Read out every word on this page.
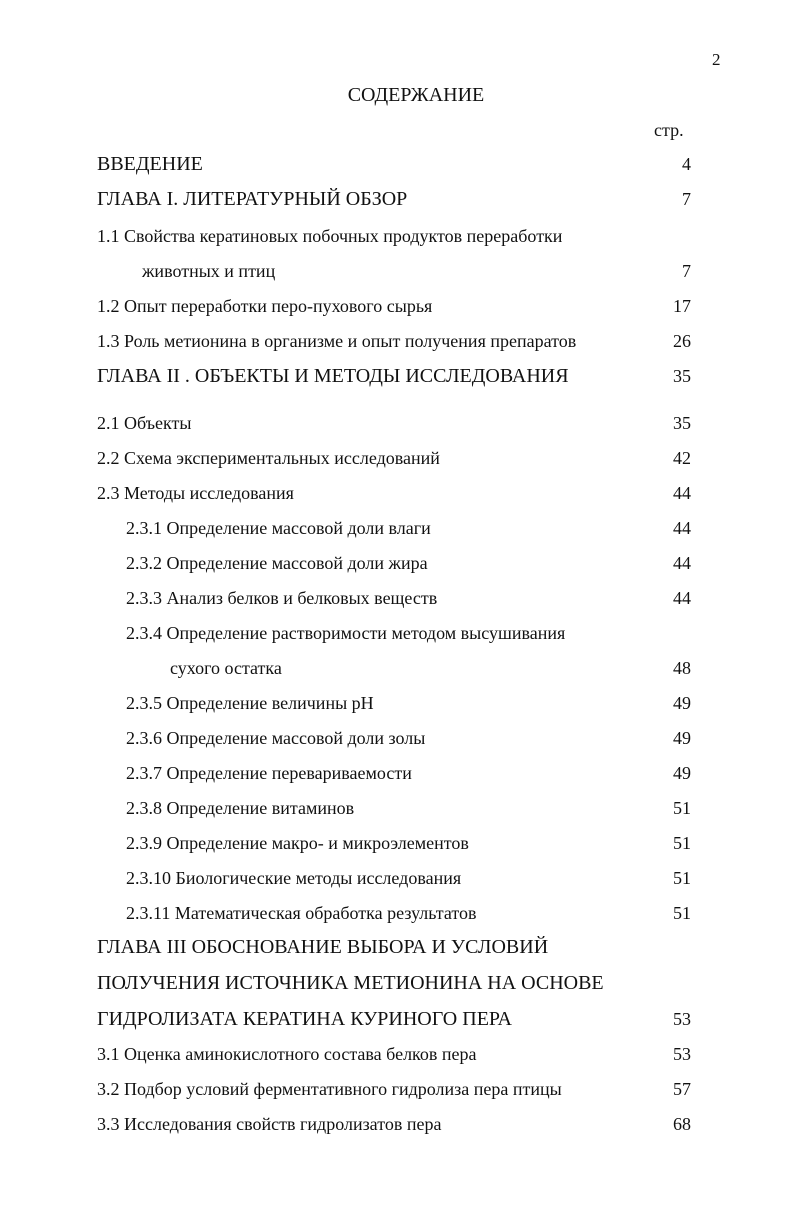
2
СОДЕРЖАНИЕ
стр.
ВВЕДЕНИЕ	4
ГЛАВА I. ЛИТЕРАТУРНЫЙ ОБЗОР	7
1.1 Свойства кератиновых побочных продуктов переработки
животных и птиц	7
1.2 Опыт переработки перо-пухового сырья	17
1.3 Роль метионина в организме и опыт получения препаратов	26
ГЛАВА II . ОБЪЕКТЫ И МЕТОДЫ ИССЛЕДОВАНИЯ	35
2.1 Объекты	35
2.2 Схема экспериментальных исследований	42
2.3 Методы исследования	44
2.3.1 Определение массовой доли влаги	44
2.3.2 Определение массовой доли жира	44
2.3.3 Анализ белков и белковых веществ	44
2.3.4 Определение растворимости методом высушивания
сухого остатка	48
2.3.5 Определение величины рН	49
2.3.6 Определение массовой доли золы	49
2.3.7 Определение перевариваемости	49
2.3.8 Определение витаминов	51
2.3.9 Определение макро- и микроэлементов	51
2.3.10 Биологические методы исследования	51
2.3.11 Математическая обработка результатов	51
ГЛАВА III ОБОСНОВАНИЕ ВЫБОРА И УСЛОВИЙ
ПОЛУЧЕНИЯ ИСТОЧНИКА МЕТИОНИНА НА ОСНОВЕ
ГИДРОЛИЗАТА КЕРАТИНА КУРИНОГО ПЕРА	53
3.1 Оценка аминокислотного состава белков пера	53
3.2 Подбор условий ферментативного гидролиза пера птицы	57
3.3 Исследования свойств гидролизатов пера	68
